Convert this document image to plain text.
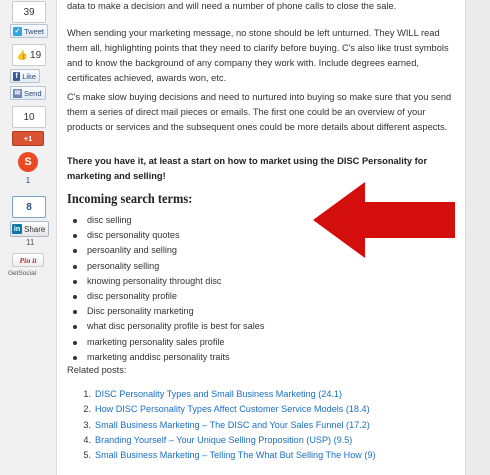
39
✓ Tweet
👍 19
f Like
✉ Send
10
+1
S
1
8
in Share
11
Pin it
GetSocial

data to make a decision and will need a number of phone calls to close the sale.

When sending your marketing message, no stone should be left unturned. They WILL read them all, highlighting points that they need to clarify before buying. C's also like trust symbols and to know the background of any company they work with. Include degrees earned, certificates achieved, awards won, etc.

C's make slow buying decisions and need to nurtured into buying so make sure that you send them a series of direct mail pieces or emails. The first one could be an overview of your products or services and the subsequent ones could be more details about different aspects.

There you have it, at least a start on how to market using the DISC Personality for marketing and selling!

Incoming search terms:
disc selling
disc personality quotes
persoanlity and selling
personality selling
knowing personality throught disc
disc personality profile
Disc personality marketing
what disc personality profile is best for sales
marketing personality sales profile
marketing anddisc personality traits
Related posts:
1. DISC Personality Types and Small Business Marketing (24.1)
2. How DISC Personality Types Affect Customer Service Models (18.4)
3. Small Business Marketing – The DISC and Your Sales Funnel (17.2)
4. Branding Yourself – Your Unique Selling Proposition (USP) (9.5)
5. Small Business Marketing – Telling The What But Selling The How (9)
